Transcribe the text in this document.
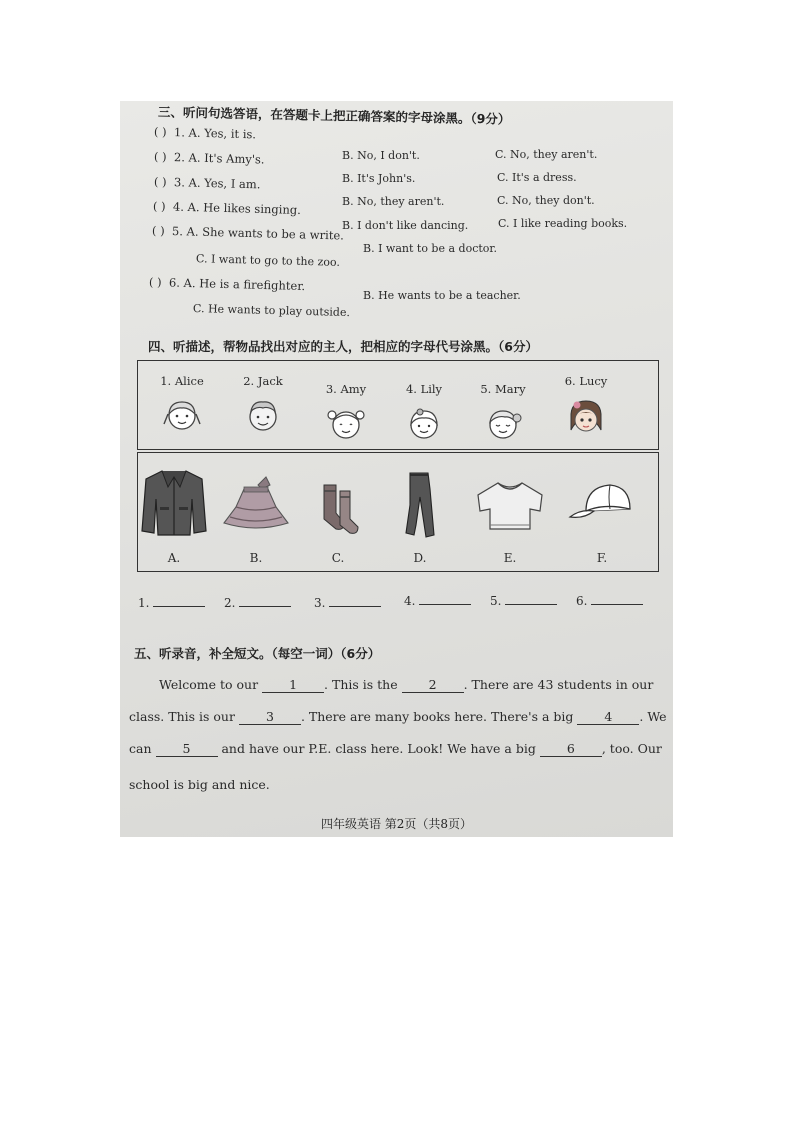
三、听问句选答语，在答题卡上把正确答案的字母涂黑。（9分）
( ) 1. A. Yes, it is.
B. No, I don't.	C. No, they aren't.
( ) 2. A. It's Amy's.
B. It's John's.	C. It's a dress.
( ) 3. A. Yes, I am.
B. No, they aren't.	C. No, they don't.
( ) 4. A. He likes singing.
B. I don't like dancing.	C. I like reading books.
( ) 5. A. She wants to be a write.
B. I want to be a doctor.
C. I want to go to the zoo.
( ) 6. A. He is a firefighter.
B. He wants to be a teacher.
C. He wants to play outside.
四、听描述，帮物品找出对应的主人，把相应的字母代号涂黑。（6分）
1. Alice	2. Jack
3. Amy	4. Lily	5. Mary
6. Lucy
A.	B.	C.	D.	E.	F.
1.	2.	3.	4.	5.	6.
五、听录音，补全短文。（每空一词）（6分）
Welcome to our 1 . This is the 2 . There are 43 students in our
class. This is our 3 . There are many books here. There's a big 4 . We
can 5 and have our P.E. class here. Look! We have a big 6 , too. Our
school is big and nice.
四年级英语 第2页（共8页）
